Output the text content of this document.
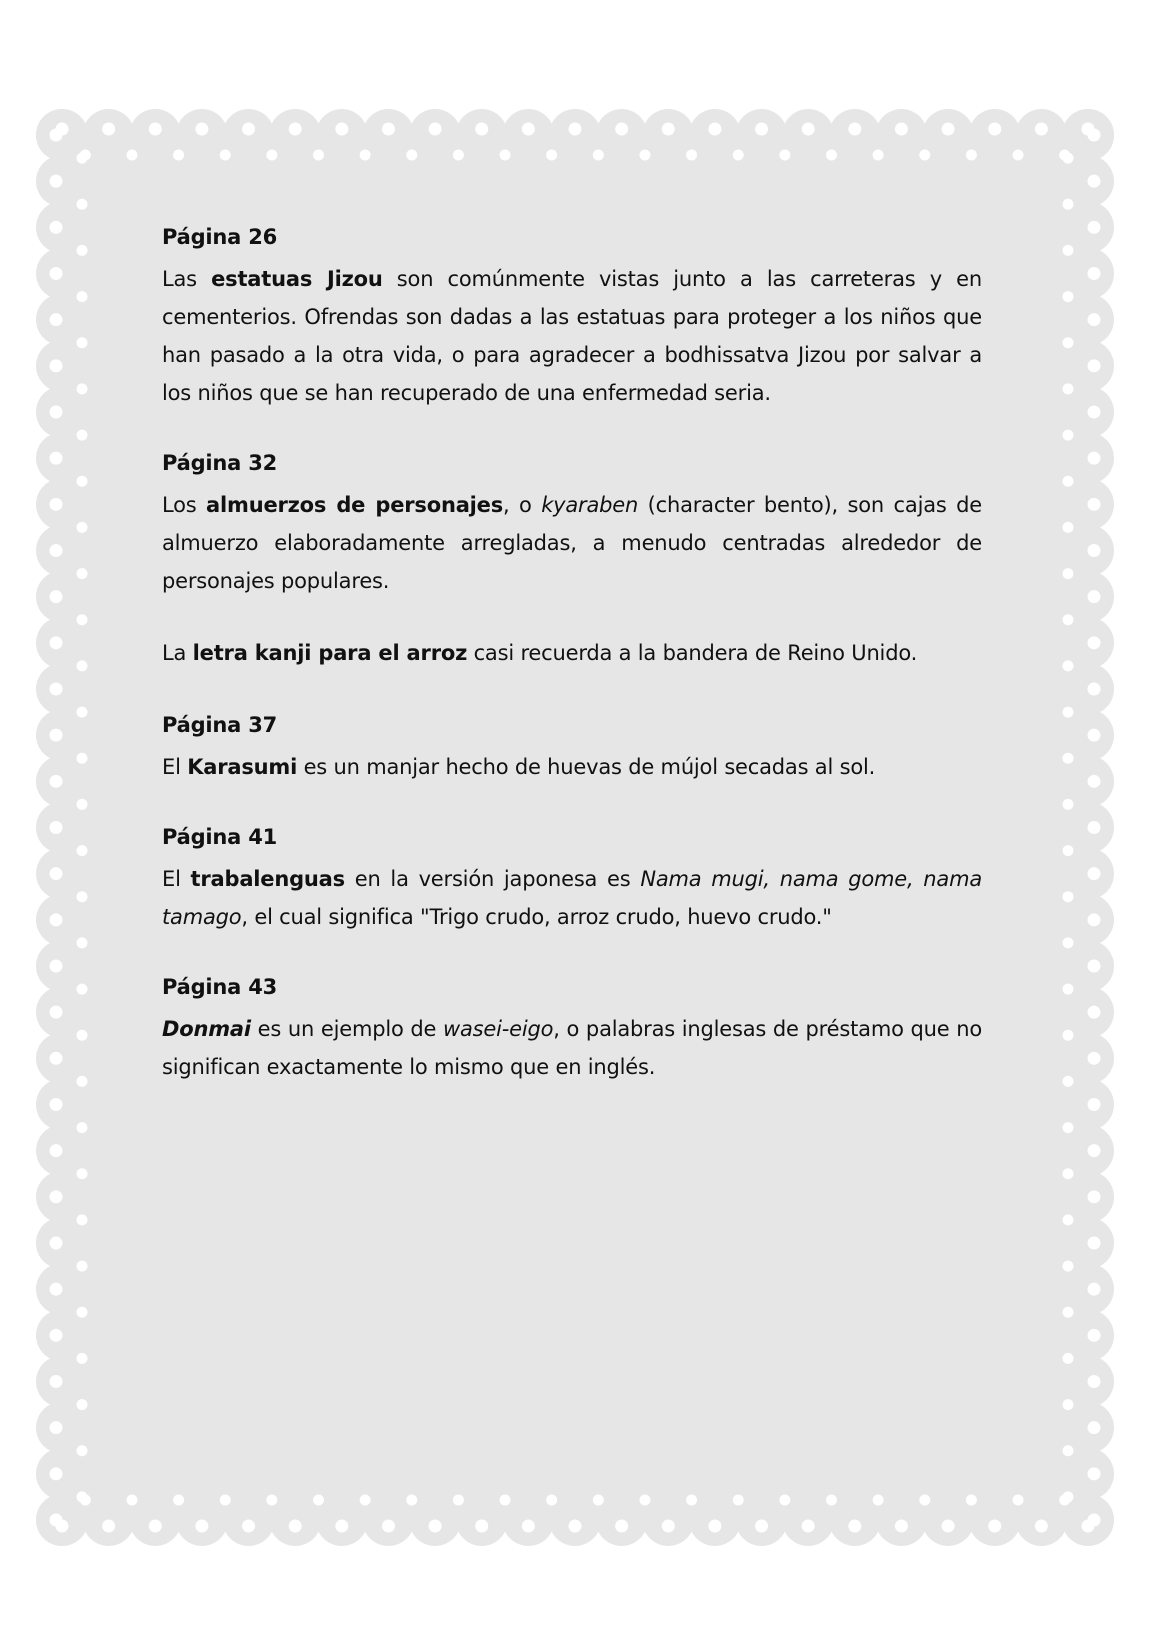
Página 26

Las estatuas Jizou son comúnmente vistas junto a las carreteras y en cementerios. Ofrendas son dadas a las estatuas para proteger a los niños que han pasado a la otra vida, o para agradecer a bodhissatva Jizou por salvar a los niños que se han recuperado de una enfermedad seria.

Página 32

Los almuerzos de personajes, o kyaraben (character bento), son cajas de almuerzo elaboradamente arregladas, a menudo centradas alrededor de personajes populares.

La letra kanji para el arroz casi recuerda a la bandera de Reino Unido.

Página 37

El Karasumi es un manjar hecho de huevas de mújol secadas al sol.

Página 41

El trabalenguas en la versión japonesa es Nama mugi, nama gome, nama tamago, el cual significa "Trigo crudo, arroz crudo, huevo crudo."

Página 43

Donmai es un ejemplo de wasei-eigo, o palabras inglesas de préstamo que no significan exactamente lo mismo que en inglés.
